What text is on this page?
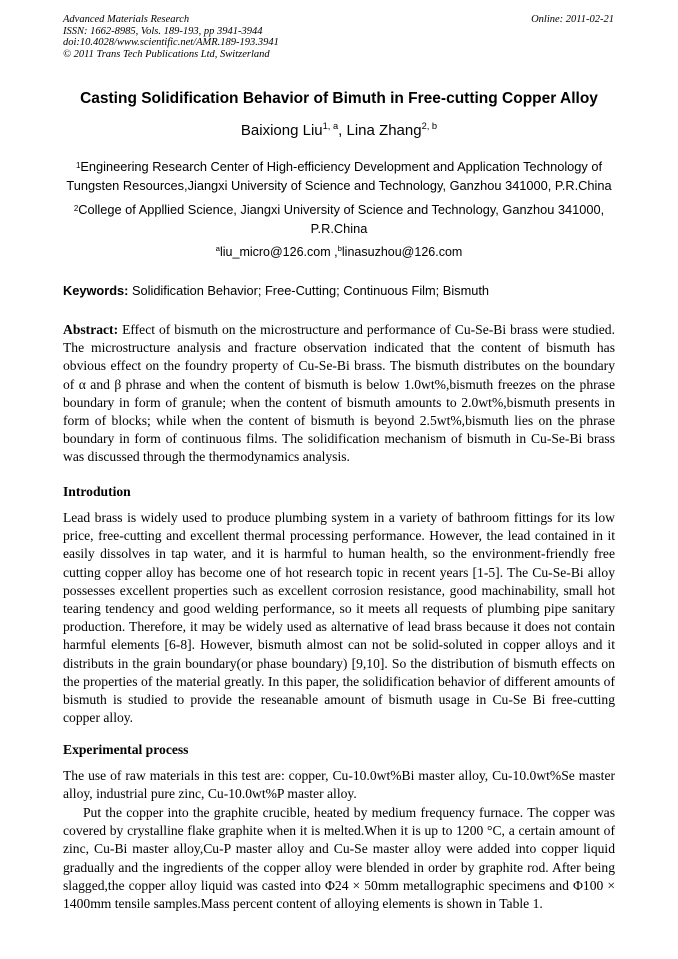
Advanced Materials Research
ISSN: 1662-8985, Vols. 189-193, pp 3941-3944
doi:10.4028/www.scientific.net/AMR.189-193.3941
© 2011 Trans Tech Publications Ltd, Switzerland
Online: 2011-02-21
Casting Solidification Behavior of Bimuth in Free-cutting Copper Alloy
Baixiong Liu$^{1, a}$, Lina Zhang$^{2, b}$
$^1$Engineering Research Center of High-efficiency Development and Application Technology of Tungsten Resources,Jiangxi University of Science and Technology, Ganzhou 341000, P.R.China
$^2$College of Appllied Science, Jiangxi University of Science and Technology, Ganzhou 341000, P.R.China
$^a$liu_micro@126.com ,$^b$linasuzhou@126.com
Keywords: Solidification Behavior; Free-Cutting; Continuous Film; Bismuth
Abstract: Effect of bismuth on the microstructure and performance of Cu-Se-Bi brass were studied. The microstructure analysis and fracture observation indicated that the content of bismuth has obvious effect on the foundry property of Cu-Se-Bi brass. The bismuth distributes on the boundary of α and β phrase and when the content of bismuth is below 1.0wt%,bismuth freezes on the phrase boundary in form of granule; when the content of bismuth amounts to 2.0wt%,bismuth presents in form of blocks; while when the content of bismuth is beyond 2.5wt%,bismuth lies on the phrase boundary in form of continuous films. The solidification mechanism of bismuth in Cu-Se-Bi brass was discussed through the thermodynamics analysis.
Introdution
Lead brass is widely used to produce plumbing system in a variety of bathroom fittings for its low price, free-cutting and excellent thermal processing performance. However, the lead contained in it easily dissolves in tap water, and it is harmful to human health, so the environment-friendly free cutting copper alloy has become one of hot research topic in recent years [1-5]. The Cu-Se-Bi alloy possesses excellent properties such as excellent corrosion resistance, good machinability, small hot tearing tendency and good welding performance, so it meets all requests of plumbing pipe sanitary production. Therefore, it may be widely used as alternative of lead brass because it does not contain harmful elements [6-8]. However, bismuth almost can not be solid-soluted in copper alloys and it distributs in the grain boundary(or phase boundary) [9,10]. So the distribution of bismuth effects on the properties of the material greatly. In this paper, the solidification behavior of different amounts of bismuth is studied to provide the reseanable amount of bismuth usage in Cu-Se Bi free-cutting copper alloy.
Experimental process
The use of raw materials in this test are: copper, Cu-10.0wt%Bi master alloy, Cu-10.0wt%Se master alloy, industrial pure zinc, Cu-10.0wt%P master alloy.
Put the copper into the graphite crucible, heated by medium frequency furnace. The copper was covered by crystalline flake graphite when it is melted.When it is up to 1200 °C, a certain amount of zinc, Cu-Bi master alloy,Cu-P master alloy and Cu-Se master alloy were added into copper liquid gradually and the ingredients of the copper alloy were blended in order by graphite rod. After being slagged,the copper alloy liquid was casted into Φ24 × 50mm metallographic specimens and Φ100 × 1400mm tensile samples.Mass percent content of alloying elements is shown in Table 1.
